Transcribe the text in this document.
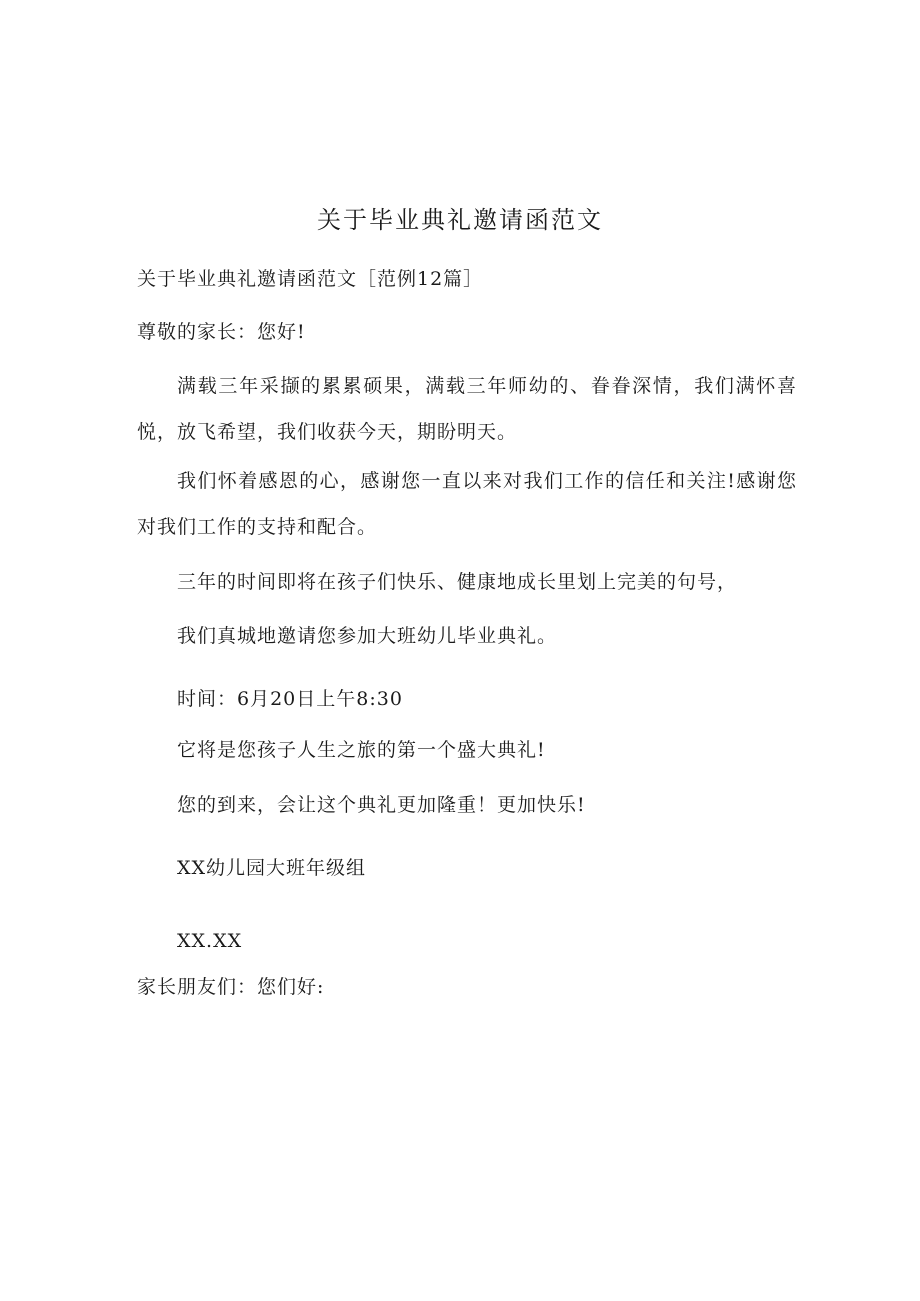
关于毕业典礼邀请函范文
关于毕业典礼邀请函范文［范例12篇］
尊敬的家长：您好!
满载三年采撷的累累硕果，满载三年师幼的、眷眷深情，我们满怀喜悦，放飞希望，我们收获今天，期盼明天。
我们怀着感恩的心，感谢您一直以来对我们工作的信任和关注!感谢您对我们工作的支持和配合。
三年的时间即将在孩子们快乐、健康地成长里划上完美的句号，
我们真城地邀请您参加大班幼儿毕业典礼。
时间：6月20日上午8:30
它将是您孩子人生之旅的第一个盛大典礼!
您的到来，会让这个典礼更加隆重！更加快乐!
XX幼儿园大班年级组
XX.XX
家长朋友们：您们好:
